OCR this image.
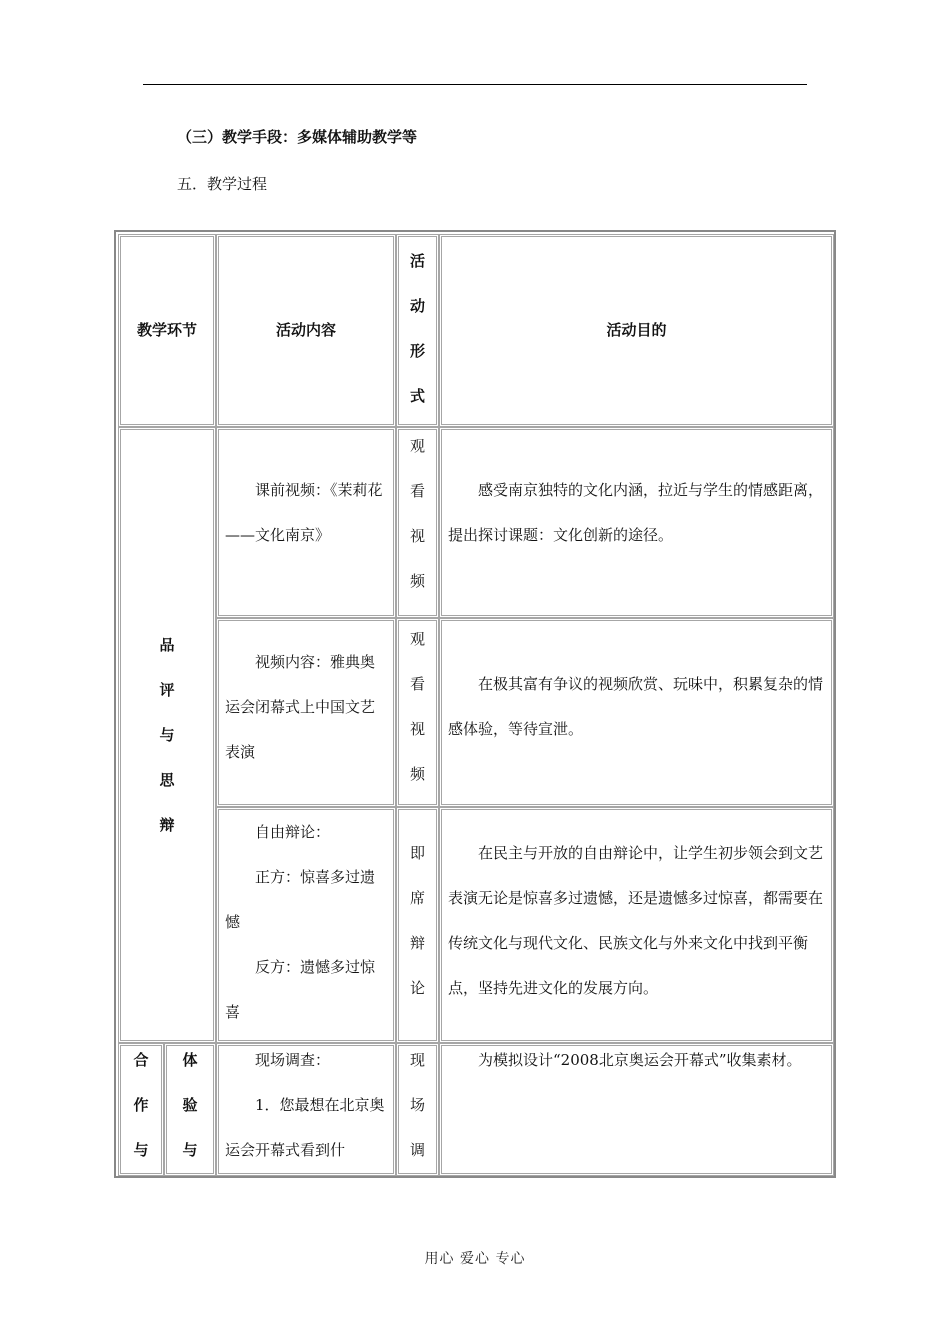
（三）教学手段：多媒体辅助教学等
五．教学过程
教学环节	活动内容
活
动
形
式
活动目的
品
评
与
思
辩

课前视频：《茉莉花——文化南京》

观
看
视
频

感受南京独特的文化内涵，拉近与学生的情感距离，提出探讨课题：文化创新的途径。

视频内容：雅典奥运会闭幕式上中国文艺表演

观
看
视
频

在极其富有争议的视频欣赏、玩味中，积累复杂的情感体验，等待宣泄。

自由辩论：

正方：惊喜多过遗憾

反方：遗憾多过惊喜

即
席
辩
论

在民主与开放的自由辩论中，让学生初步领会到文艺表演无论是惊喜多过遗憾，还是遗憾多过惊喜，都需要在传统文化与现代文化、民族文化与外来文化中找到平衡点，坚持先进文化的发展方向。

合
作
与
体
验
与

现场调查：

1．您最想在北京奥运会开幕式看到什

现
场
调

为模拟设计“2008北京奥运会开幕式”收集素材。

用心 爱心 专心
